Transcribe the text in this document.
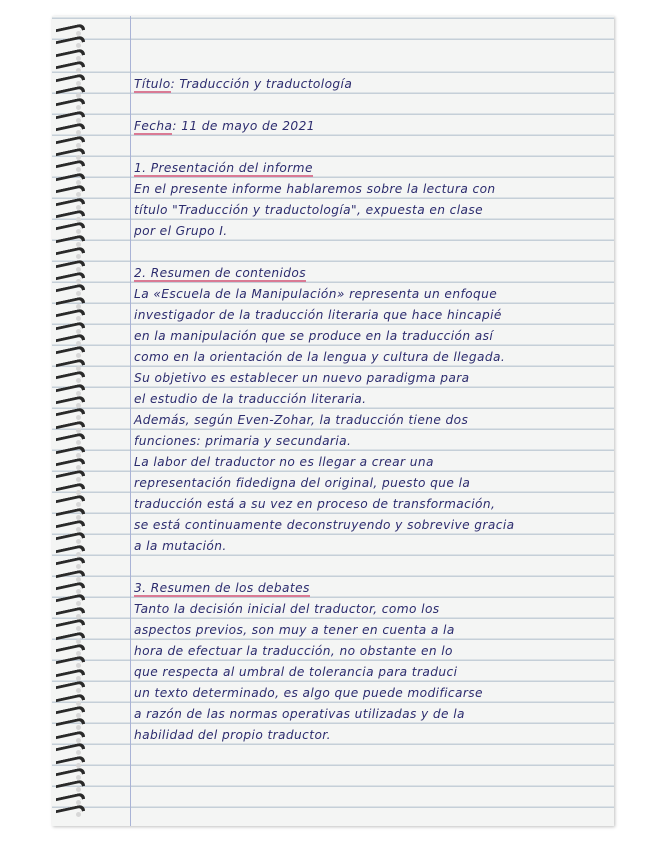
Título: Traducción y traductología
Fecha: 11 de mayo de 2021
1. Presentación del informe
En el presente informe hablaremos sobre la lectura con
título "Traducción y traductología", expuesta en clase
por el Grupo I.
2. Resumen de contenidos
La «Escuela de la Manipulación» representa un enfoque
investigador de la traducción literaria que hace hincapié
en la manipulación que se produce en la traducción así
como en la orientación de la lengua y cultura de llegada.
Su objetivo es establecer un nuevo paradigma para
el estudio de la traducción literaria.
Además, según Even-Zohar, la traducción tiene dos
funciones: primaria y secundaria.
La labor del traductor no es llegar a crear una
representación fidedigna del original, puesto que la
traducción está a su vez en proceso de transformación,
se está continuamente deconstruyendo y sobrevive gracia
a la mutación.
3. Resumen de los debates
Tanto la decisión inicial del traductor, como los
aspectos previos, son muy a tener en cuenta a la
hora de efectuar la traducción, no obstante en lo
que respecta al umbral de tolerancia para traduci
un texto determinado, es algo que puede modificarse
a razón de las normas operativas utilizadas y de la
habilidad del propio traductor.
